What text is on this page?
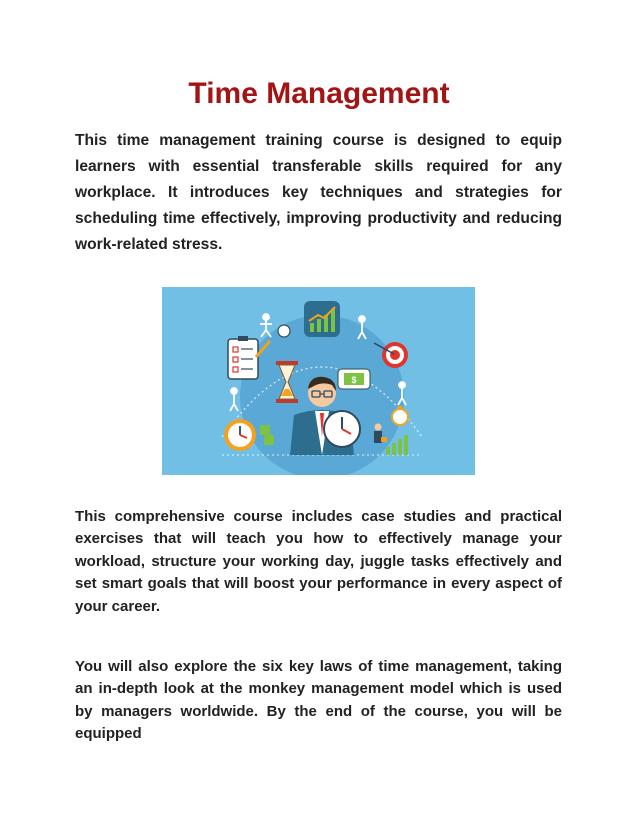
Time Management

This time management training course is designed to equip learners with essential transferable skills required for any workplace. It introduces key techniques and strategies for scheduling time effectively, improving productivity and reducing work-related stress.

$

This comprehensive course includes case studies and practical exercises that will teach you how to effectively manage your workload, structure your working day, juggle tasks effectively and set smart goals that will boost your performance in every aspect of your career.

You will also explore the six key laws of time management, taking an in-depth look at the monkey management model which is used by managers worldwide. By the end of the course, you will be equipped
